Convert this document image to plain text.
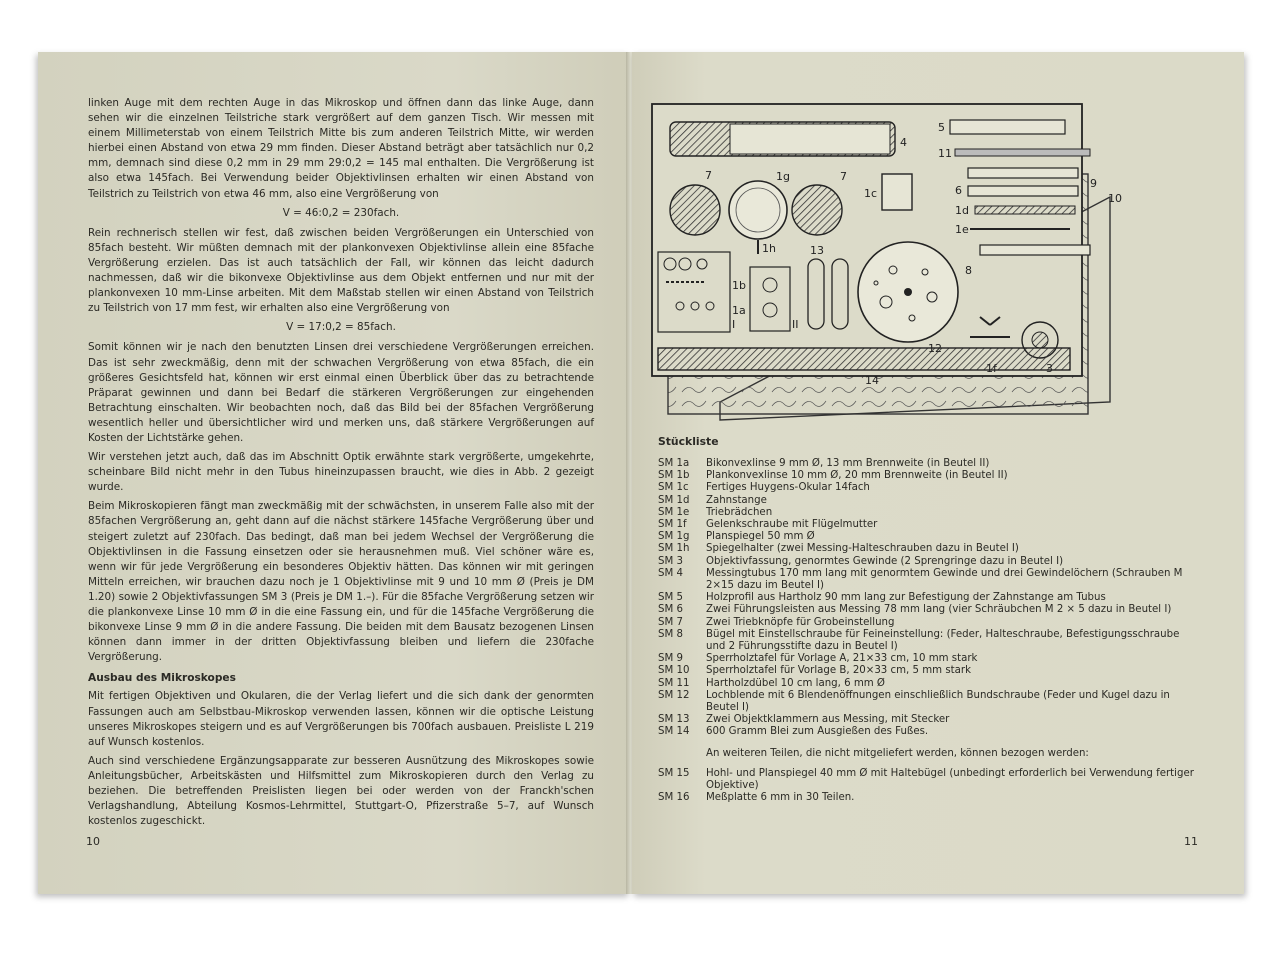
linken Auge mit dem rechten Auge in das Mikroskop und öffnen dann das linke Auge, dann sehen wir die einzelnen Teilstriche stark vergrößert auf dem ganzen Tisch. Wir messen mit einem Millimeterstab von einem Teilstrich Mitte bis zum anderen Teilstrich Mitte, wir werden hierbei einen Abstand von etwa 29 mm finden. Dieser Abstand beträgt aber tatsächlich nur 0,2 mm, demnach sind diese 0,2 mm in 29 mm 29:0,2 = 145 mal enthalten. Die Vergrößerung ist also etwa 145fach. Bei Verwendung beider Objektivlinsen erhalten wir einen Abstand von Teilstrich zu Teilstrich von etwa 46 mm, also eine Vergrößerung von

V = 46:0,2 = 230fach.

Rein rechnerisch stellen wir fest, daß zwischen beiden Vergrößerungen ein Unterschied von 85fach besteht. Wir müßten demnach mit der plankonvexen Objektivlinse allein eine 85fache Vergrößerung erzielen. Das ist auch tatsächlich der Fall, wir können das leicht dadurch nachmessen, daß wir die bikonvexe Objektivlinse aus dem Objekt entfernen und nur mit der plankonvexen 10 mm-Linse arbeiten. Mit dem Maßstab stellen wir einen Abstand von Teilstrich zu Teilstrich von 17 mm fest, wir erhalten also eine Vergrößerung von

V = 17:0,2 = 85fach.

Somit können wir je nach den benutzten Linsen drei verschiedene Vergrößerungen erreichen. Das ist sehr zweckmäßig, denn mit der schwachen Vergrößerung von etwa 85fach, die ein größeres Gesichtsfeld hat, können wir erst einmal einen Überblick über das zu betrachtende Präparat gewinnen und dann bei Bedarf die stärkeren Vergrößerungen zur eingehenden Betrachtung einschalten. Wir beobachten noch, daß das Bild bei der 85fachen Vergrößerung wesentlich heller und übersichtlicher wird und merken uns, daß stärkere Vergrößerungen auf Kosten der Lichtstärke gehen.

Wir verstehen jetzt auch, daß das im Abschnitt Optik erwähnte stark vergrößerte, umgekehrte, scheinbare Bild nicht mehr in den Tubus hineinzupassen braucht, wie dies in Abb. 2 gezeigt wurde.

Beim Mikroskopieren fängt man zweckmäßig mit der schwächsten, in unserem Falle also mit der 85fachen Vergrößerung an, geht dann auf die nächst stärkere 145fache Vergrößerung über und steigert zuletzt auf 230fach. Das bedingt, daß man bei jedem Wechsel der Vergrößerung die Objektivlinsen in die Fassung einsetzen oder sie herausnehmen muß. Viel schöner wäre es, wenn wir für jede Vergrößerung ein besonderes Objektiv hätten. Das können wir mit geringen Mitteln erreichen, wir brauchen dazu noch je 1 Objektivlinse mit 9 und 10 mm Ø (Preis je DM 1.20) sowie 2 Objektivfassungen SM 3 (Preis je DM 1.–). Für die 85fache Vergrößerung setzen wir die plankonvexe Linse 10 mm Ø in die eine Fassung ein, und für die 145fache Vergrößerung die bikonvexe Linse 9 mm Ø in die andere Fassung. Die beiden mit dem Bausatz bezogenen Linsen können dann immer in der dritten Objektivfassung bleiben und liefern die 230fache Vergrößerung.

Ausbau des Mikroskopes

Mit fertigen Objektiven und Okularen, die der Verlag liefert und die sich dank der genormten Fassungen auch am Selbstbau-Mikroskop verwenden lassen, können wir die optische Leistung unseres Mikroskopes steigern und es auf Vergrößerungen bis 700fach ausbauen. Preisliste L 219 auf Wunsch kostenlos.

Auch sind verschiedene Ergänzungsapparate zur besseren Ausnützung des Mikroskopes sowie Anleitungsbücher, Arbeitskästen und Hilfsmittel zum Mikroskopieren durch den Verlag zu beziehen. Die betreffenden Preislisten liegen bei oder werden von der Franckh'schen Verlagshandlung, Abteilung Kosmos-Lehrmittel, Stuttgart-O, Pfizerstraße 5–7, auf Wunsch kostenlos zugeschickt.

10
4
5
11
7	1g	7
1c
9
10
6
1d
1e
8
1h	13
1b
1a
I	II
12
1f	3
14
Stückliste
SM 1a	Bikonvexlinse 9 mm Ø, 13 mm Brennweite (in Beutel II)
SM 1b	Plankonvexlinse 10 mm Ø, 20 mm Brennweite (in Beutel II)
SM 1c	Fertiges Huygens-Okular 14fach
SM 1d	Zahnstange
SM 1e	Triebrädchen
SM 1f	Gelenkschraube mit Flügelmutter
SM 1g	Planspiegel 50 mm Ø
SM 1h	Spiegelhalter (zwei Messing-Halteschrauben dazu in Beutel I)
SM 3	Objektivfassung, genormtes Gewinde (2 Sprengringe dazu in Beutel I)
SM 4	Messingtubus 170 mm lang mit genormtem Gewinde und drei Gewindelöchern (Schrauben M 2×15 dazu im Beutel I)
SM 5	Holzprofil aus Hartholz 90 mm lang zur Befestigung der Zahnstange am Tubus
SM 6	Zwei Führungsleisten aus Messing 78 mm lang (vier Schräubchen M 2 × 5 dazu in Beutel I)
SM 7	Zwei Triebknöpfe für Grobeinstellung
SM 8	Bügel mit Einstellschraube für Feineinstellung: (Feder, Halteschraube, Befestigungsschraube und 2 Führungsstifte dazu in Beutel I)
SM 9	Sperrholztafel für Vorlage A, 21×33 cm, 10 mm stark
SM 10	Sperrholztafel für Vorlage B, 20×33 cm, 5 mm stark
SM 11	Hartholzdübel 10 cm lang, 6 mm Ø
SM 12	Lochblende mit 6 Blendenöffnungen einschließlich Bundschraube (Feder und Kugel dazu in Beutel I)
SM 13	Zwei Objektklammern aus Messing, mit Stecker
SM 14	600 Gramm Blei zum Ausgießen des Fußes.
An weiteren Teilen, die nicht mitgeliefert werden, können bezogen werden:
SM 15	Hohl- und Planspiegel 40 mm Ø mit Haltebügel (unbedingt erforderlich bei Verwendung fertiger Objektive)
SM 16	Meßplatte 6 mm in 30 Teilen.
11
